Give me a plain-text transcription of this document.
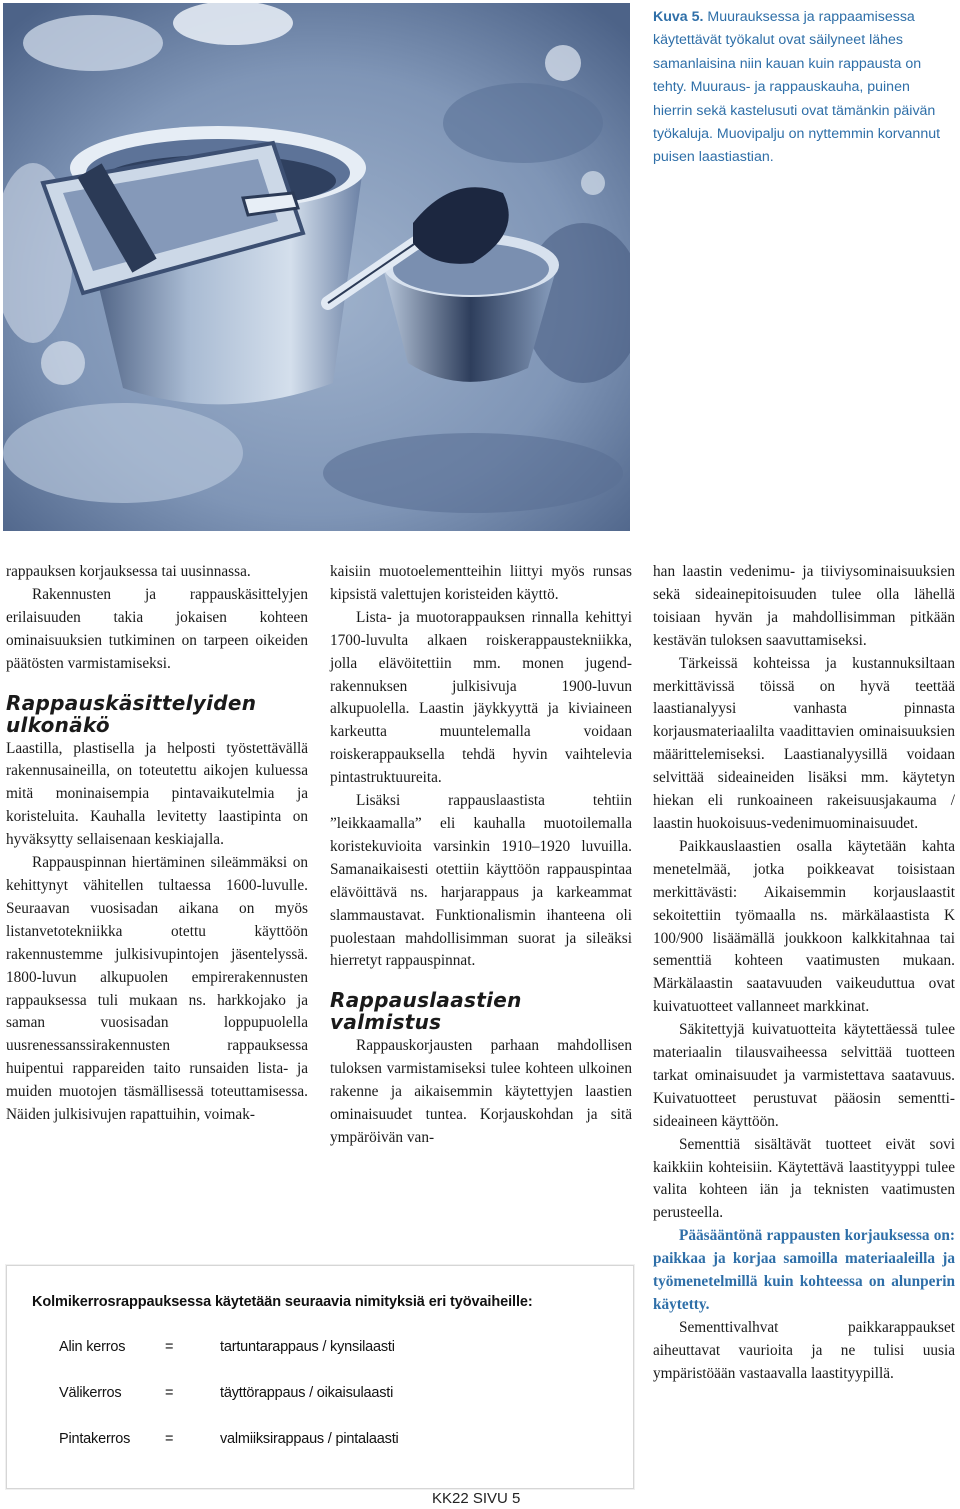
Kuva 5. Muurauksessa ja rappaamisessa käytettävät työkalut ovat säilyneet lähes samanlaisina niin kauan kuin rappausta on tehty. Muuraus- ja rappauskauha, puinen hierrin sekä kastelusuti ovat tämänkin päivän työkaluja. Muovipalju on nyttemmin korvannut puisen laastiastian.

rappauksen korjauksessa tai uusinnassa.

Rakennusten ja rappauskäsittelyjen erilaisuuden takia jokaisen kohteen ominaisuuksien tutkiminen on tarpeen oikeiden päätösten varmistamiseksi.

Rappauskäsittelyiden ulkonäkö

Laastilla, plastisella ja helposti työstettävällä rakennusaineilla, on toteutettu aikojen kuluessa mitä moninaisempia pintavaikutelmia ja koristeluita. Kauhalla levitetty laastipinta on hyväksytty sellaisenaan keskiajalla.

Rappauspinnan hiertäminen sileämmäksi on kehittynyt vähitellen tultaessa 1600-luvulle. Seuraavan vuosisadan aikana on myös listanvetotekniikka otettu käyttöön rakennustemme julkisivupintojen jäsentelyssä. 1800-luvun alkupuolen empirerakennusten rappauksessa tuli mukaan ns. harkkojako ja saman vuosisadan loppupuolella uusrenessanssirakennusten rappauksessa huipentui rappareiden taito runsaiden lista- ja muiden muotojen täsmällisessä toteuttamisessa. Näiden julkisivujen rapattuihin, voimak-

kaisiin muotoelementteihin liittyi myös runsas kipsistä valettujen koristeiden käyttö.

Lista- ja muotorappauksen rinnalla kehittyi 1700-luvulta alkaen roiskerappaustekniikka, jolla elävöitettiin mm. monen jugend-rakennuksen julkisivuja 1900-luvun alkupuolella. Laastin jäykkyyttä ja kiviaineen karkeutta muuntelemalla voidaan roiskerappauksella tehdä hyvin vaihtelevia pintastruktuureita.

Lisäksi rappauslaastista tehtiin ”leikkaamalla” eli kauhalla muotoilemalla koristekuvioita varsinkin 1910–1920 luvuilla. Samanaikaisesti otettiin käyttöön rappauspintaa elävöittävä ns. harjarappaus ja karkeammat slammaustavat. Funktionalismin ihanteena oli puolestaan mahdollisimman suorat ja sileäksi hierretyt rappauspinnat.

Rappauslaastien valmistus

Rappauskorjausten parhaan mahdollisen tuloksen varmistamiseksi tulee kohteen ulkoinen rakenne ja aikaisemmin käytettyjen laastien ominaisuudet tuntea. Korjauskohdan ja sitä ympäröivän van-

han laastin vedenimu- ja tiiviysominaisuuksien sekä sideainepitoisuuden tulee olla lähellä toisiaan hyvän ja mahdollisimman pitkään kestävän tuloksen saavuttamiseksi.

Tärkeissä kohteissa ja kustannuksiltaan merkittävissä töissä on hyvä teettää laastianalyysi vanhasta pinnasta korjausmateriaalilta vaadittavien ominaisuuksien määrittelemiseksi. Laastianalyysillä voidaan selvittää sideaineiden lisäksi mm. käytetyn hiekan eli runkoaineen rakeisuusjakauma / laastin huokoisuus-vedenimuominaisuudet.

Paikkauslaastien osalla käytetään kahta menetelmää, jotka poikkeavat toisistaan merkittävästi: Aikaisemmin korjauslaastit sekoitettiin työmaalla ns. märkälaastista K 100/900 lisäämällä joukkoon kalkkitahnaa tai sementtiä kohteen vaatimusten mukaan. Märkälaastin saatavuuden vaikeuduttua ovat kuivatuotteet vallanneet markkinat.

Säkitettyjä kuivatuotteita käytettäessä tulee materiaalin tilausvaiheessa selvittää tuotteen tarkat ominaisuudet ja varmistettava saatavuus. Kuivatuotteet perustuvat pääosin sementti-sideaineen käyttöön.

Sementtiä sisältävät tuotteet eivät sovi kaikkiin kohteisiin. Käytettävä laastityyppi tulee valita kohteen iän ja teknisten vaatimusten perusteella.

Pääsääntönä rappausten korjauksessa on: paikkaa ja korjaa samoilla materiaaleilla ja työmenetelmillä kuin kohteessa on alunperin käytetty.

Sementtivalhvat paikkarappaukset aiheuttavat vaurioita ja ne tulisi uusia ympäristöään vastaavalla laastityypillä.

Kolmikerrosrappauksessa käytetään seuraavia nimityksiä eri työvaiheille:
Alin kerros	=	tartuntarappaus / kynsilaasti
Välikerros	=	täyttörappaus / oikaisulaasti
Pintakerros =	valmiiksirappaus / pintalaasti
KK22 SIVU 5
